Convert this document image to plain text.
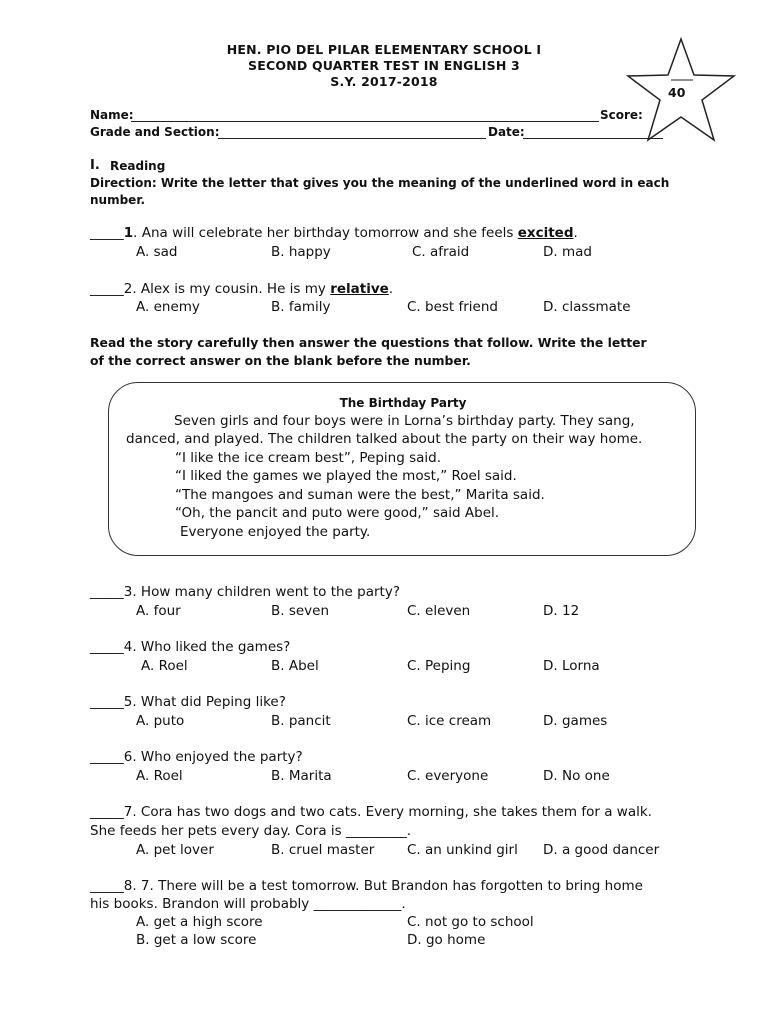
HEN. PIO DEL PILAR ELEMENTARY SCHOOL I
SECOND QUARTER TEST IN ENGLISH 3
S.Y. 2017-2018
40
Name:	Score:
Grade and Section:	Date:
I. Reading
Direction: Write the letter that gives you the meaning of the underlined word in each
number.
_____1. Ana will celebrate her birthday tomorrow and she feels excited.
A. sad	B. happy	C. afraid	D. mad
_____2. Alex is my cousin. He is my relative.
A. enemy	B. family	C. best friend	D. classmate
Read the story carefully then answer the questions that follow. Write the letter
of the correct answer on the blank before the number.
The Birthday Party
Seven girls and four boys were in Lorna’s birthday party. They sang,
danced, and played. The children talked about the party on their way home.
“I like the ice cream best”, Peping said.
“I liked the games we played the most,” Roel said.
“The mangoes and suman were the best,” Marita said.
“Oh, the pancit and puto were good,” said Abel.
Everyone enjoyed the party.
_____3. How many children went to the party?
A. four	B. seven	C. eleven	D. 12
_____4. Who liked the games?
A. Roel	B. Abel	C. Peping	D. Lorna
_____5. What did Peping like?
A. puto	B. pancit	C. ice cream	D. games
_____6. Who enjoyed the party?
A. Roel	B. Marita	C. everyone	D. No one
_____7. Cora has two dogs and two cats. Every morning, she takes them for a walk.
She feeds her pets every day. Cora is _________.
A. pet lover	B. cruel master C. an unkind girl D. a good dancer
_____8. 7. There will be a test tomorrow. But Brandon has forgotten to bring home
his books. Brandon will probably _____________.
A. get a high score	C. not go to school
B. get a low score	D. go home
